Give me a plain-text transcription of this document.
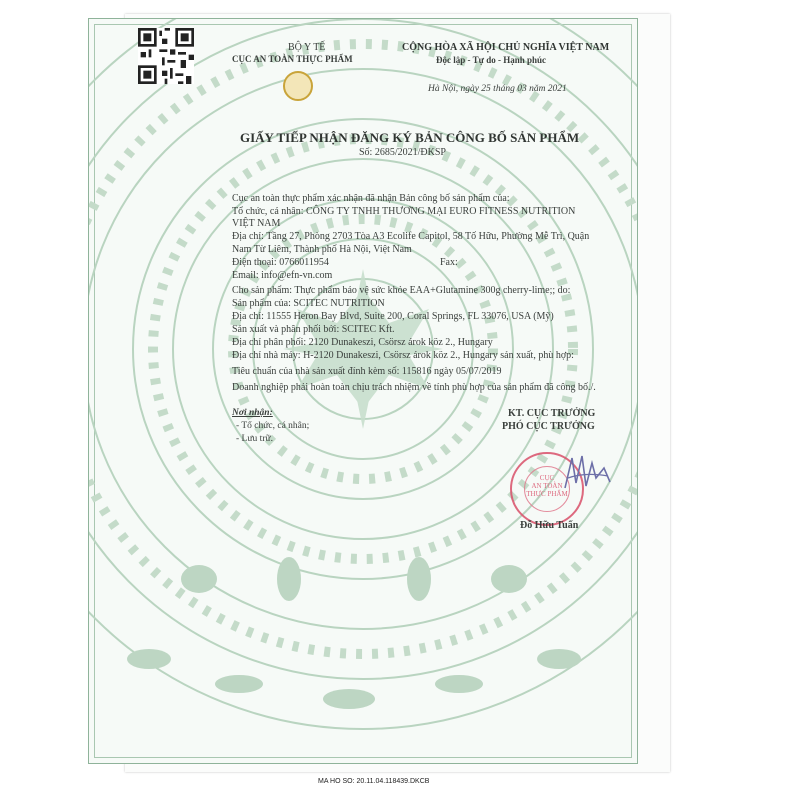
BỘ Y TẾ
CỤC AN TOÀN THỰC PHẨM
CỘNG HÒA XÃ HỘI CHỦ NGHĨA VIỆT NAM
Độc lập - Tự do - Hạnh phúc
Hà Nội, ngày 25 tháng 03 năm 2021
GIẤY TIẾP NHẬN ĐĂNG KÝ BẢN CÔNG BỐ SẢN PHẨM
Số: 2685/2021/ĐKSP
Cục an toàn thực phẩm xác nhận đã nhận Bản công bố sản phẩm của:
Tổ chức, cá nhân: CÔNG TY TNHH THƯƠNG MẠI EURO FITNESS NUTRITION
VIỆT NAM
Địa chỉ: Tầng 27, Phòng 2703 Tòa A3 Ecolife Capitol, 58 Tố Hữu, Phường Mễ Trì, Quận
Nam Từ Liêm, Thành phố Hà Nội, Việt Nam
Điện thoại: 0766011954	Fax:
Email: info@efn-vn.com
Cho sản phẩm: Thực phẩm bảo vệ sức khỏe EAA+Glutamine 300g cherry-lime;; do:
Sản phẩm của: SCITEC NUTRITION
Địa chỉ: 11555 Heron Bay Blvd, Suite 200, Coral Springs, FL 33076, USA (Mỹ)
Sản xuất và phân phối bởi: SCITEC Kft.
Địa chỉ phân phối: 2120 Dunakeszi, Csörsz árok köz 2., Hungary
Địa chỉ nhà máy: H-2120 Dunakeszi, Csörsz árok köz 2., Hungary sản xuất, phù hợp:
Tiêu chuẩn của nhà sản xuất đính kèm số: 115816 ngày 05/07/2019
Doanh nghiệp phải hoàn toàn chịu trách nhiệm về tính phù hợp của sản phẩm đã công bố./.
Nơi nhận:
- Tổ chức, cá nhân;
- Lưu trữ.
KT. CỤC TRƯỞNG
PHÓ CỤC TRƯỞNG
CỤC
AN TOÀN
THỰC PHẨM
Đỗ Hữu Tuấn
MA HO SO: 20.11.04.118439.DKCB
